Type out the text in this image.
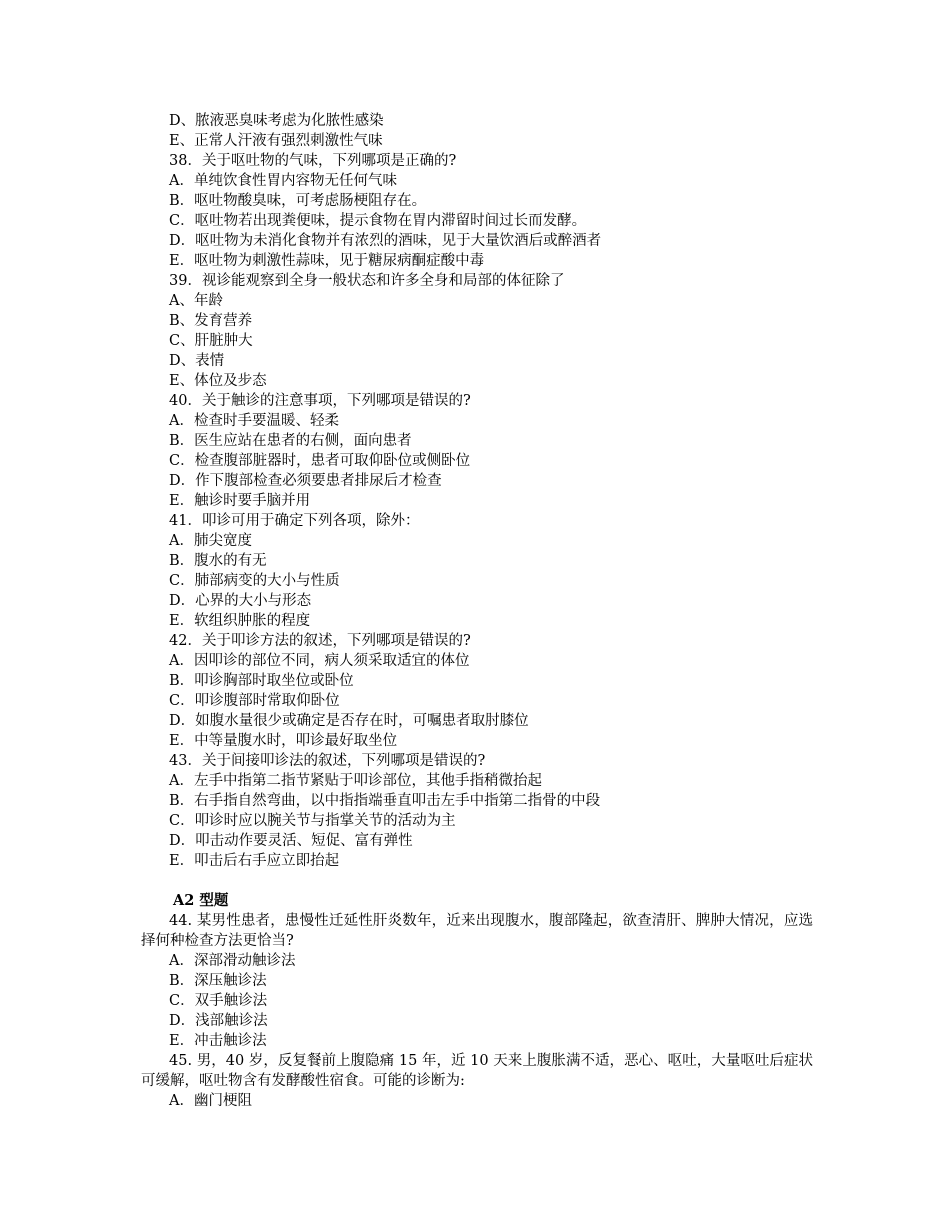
D、脓液恶臭味考虑为化脓性感染
E、正常人汗液有强烈刺激性气味
38．关于呕吐物的气味，下列哪项是正确的?
A．单纯饮食性胃内容物无任何气味
B．呕吐物酸臭味，可考虑肠梗阻存在。
C．呕吐物若出现粪便味，提示食物在胃内滞留时间过长而发酵。
D．呕吐物为未消化食物并有浓烈的酒味，见于大量饮酒后或醉酒者
E．呕吐物为刺激性蒜味，见于糖尿病酮症酸中毒
39．视诊能观察到全身一般状态和许多全身和局部的体征除了
A、年龄
B、发育营养
C、肝脏肿大
D、表情
E、体位及步态
40．关于触诊的注意事项，下列哪项是错误的?
A．检查时手要温暖、轻柔
B．医生应站在患者的右侧，面向患者
C．检查腹部脏器时，患者可取仰卧位或侧卧位
D．作下腹部检查必须要患者排尿后才检查
E．触诊时要手脑并用
41．叩诊可用于确定下列各项，除外：
A．肺尖宽度
B．腹水的有无
C．肺部病变的大小与性质
D．心界的大小与形态
E．软组织肿胀的程度
42．关于叩诊方法的叙述，下列哪项是错误的?
A．因叩诊的部位不同，病人须采取适宜的体位
B．叩诊胸部时取坐位或卧位
C．叩诊腹部时常取仰卧位
D．如腹水量很少或确定是否存在时，可嘱患者取肘膝位
E．中等量腹水时，叩诊最好取坐位
43．关于间接叩诊法的叙述，下列哪项是错误的?
A．左手中指第二指节紧贴于叩诊部位，其他手指稍微抬起
B．右手指自然弯曲，以中指指端垂直叩击左手中指第二指骨的中段
C．叩诊时应以腕关节与指掌关节的活动为主
D．叩击动作要灵活、短促、富有弹性
E．叩击后右手应立即抬起
A2 型题
44. 某男性患者，患慢性迁延性肝炎数年，近来出现腹水，腹部隆起，欲查清肝、脾肿大情况，应选择何种检查方法更恰当?
A．深部滑动触诊法
B．深压触诊法
C．双手触诊法
D．浅部触诊法
E．冲击触诊法
45. 男，40 岁，反复餐前上腹隐痛 15 年，近 10 天来上腹胀满不适，恶心、呕吐，大量呕吐后症状可缓解，呕吐物含有发酵酸性宿食。可能的诊断为:
A．幽门梗阻
